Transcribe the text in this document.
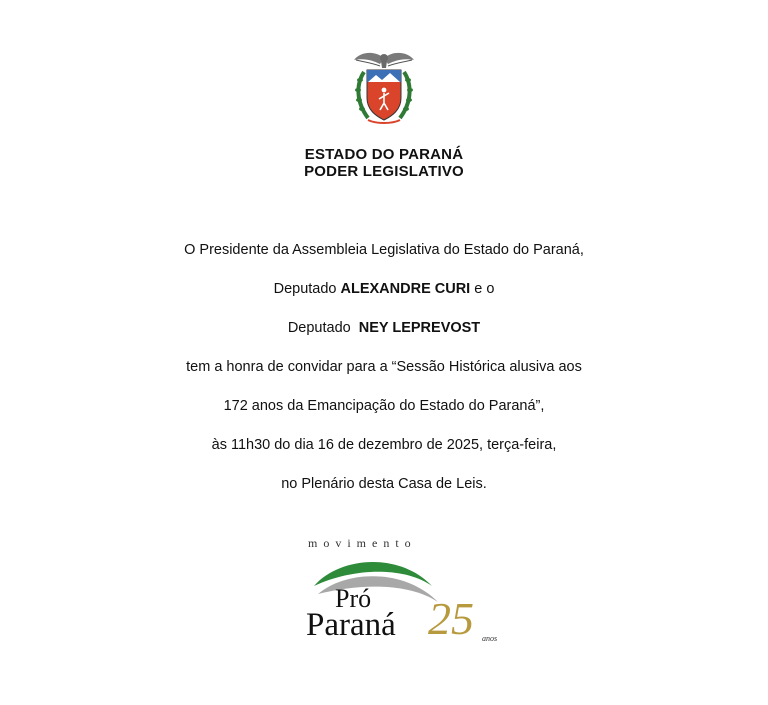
ESTADO DO PARANÁ
PODER LEGISLATIVO
O Presidente da Assembleia Legislativa do Estado do Paraná,
Deputado ALEXANDRE CURI e o
Deputado  NEY LEPREVOST
tem a honra de convidar para a “Sessão Histórica alusiva aos
172 anos da Emancipação do Estado do Paraná”,
às 11h30 do dia 16 de dezembro de 2025, terça-feira,
no Plenário desta Casa de Leis.
movimento
Pró
Paraná 25 anos
